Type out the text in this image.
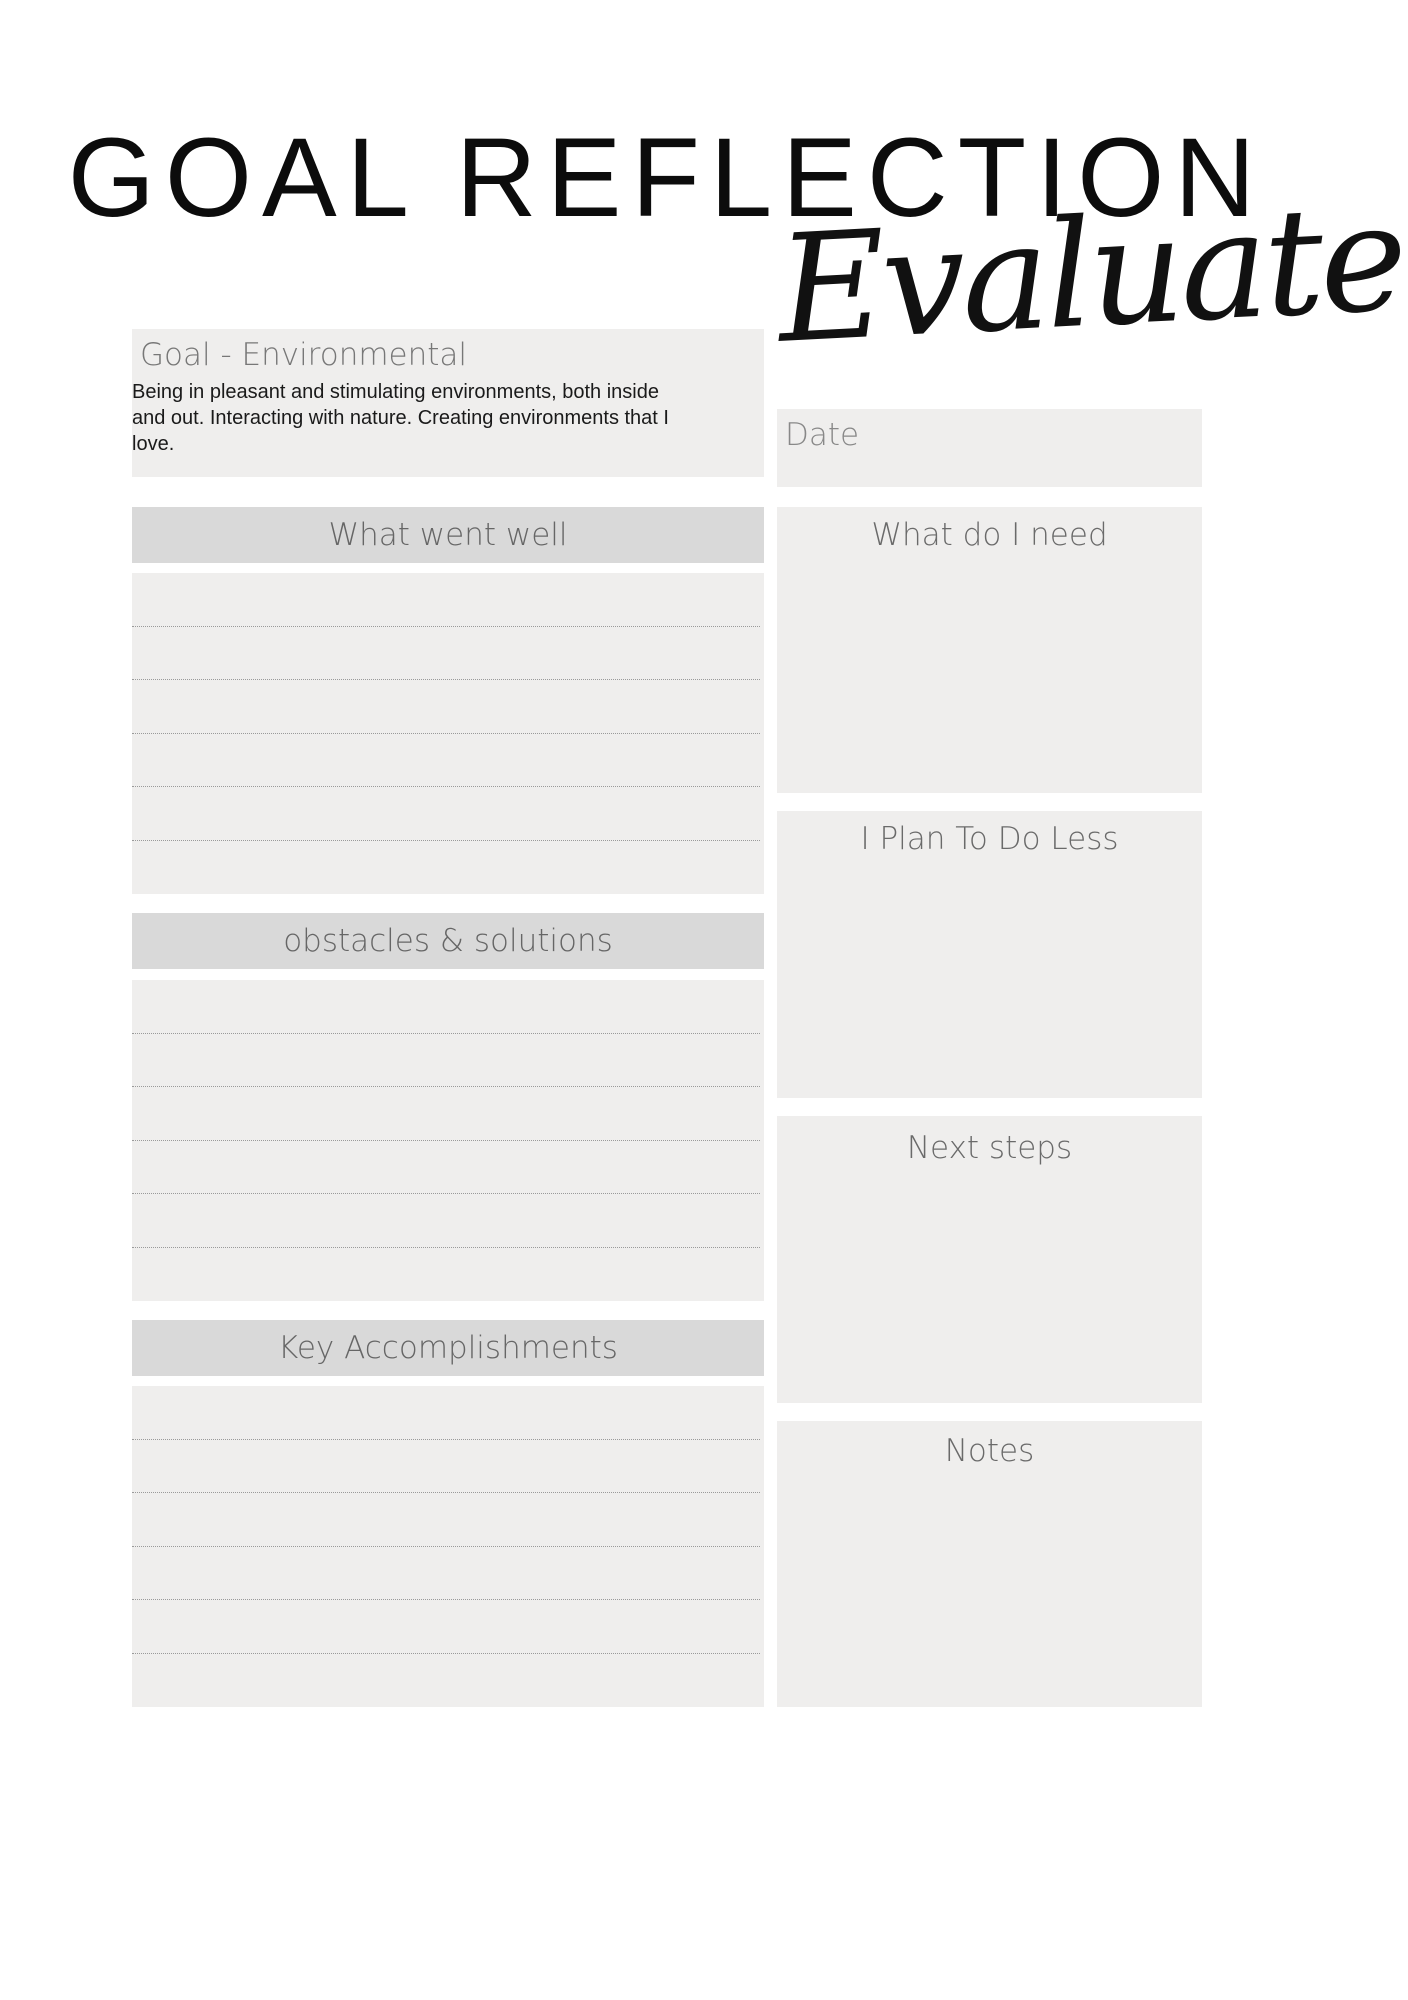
GOAL REFLECTION
Evaluate
Goal - Environmental
Being in pleasant and stimulating environments, both inside and out. Interacting with nature. Creating environments that I love.	Date
What went well
obstacles & solutions
Key Accomplishments
What do I need
I Plan To Do Less
Next steps
Notes
